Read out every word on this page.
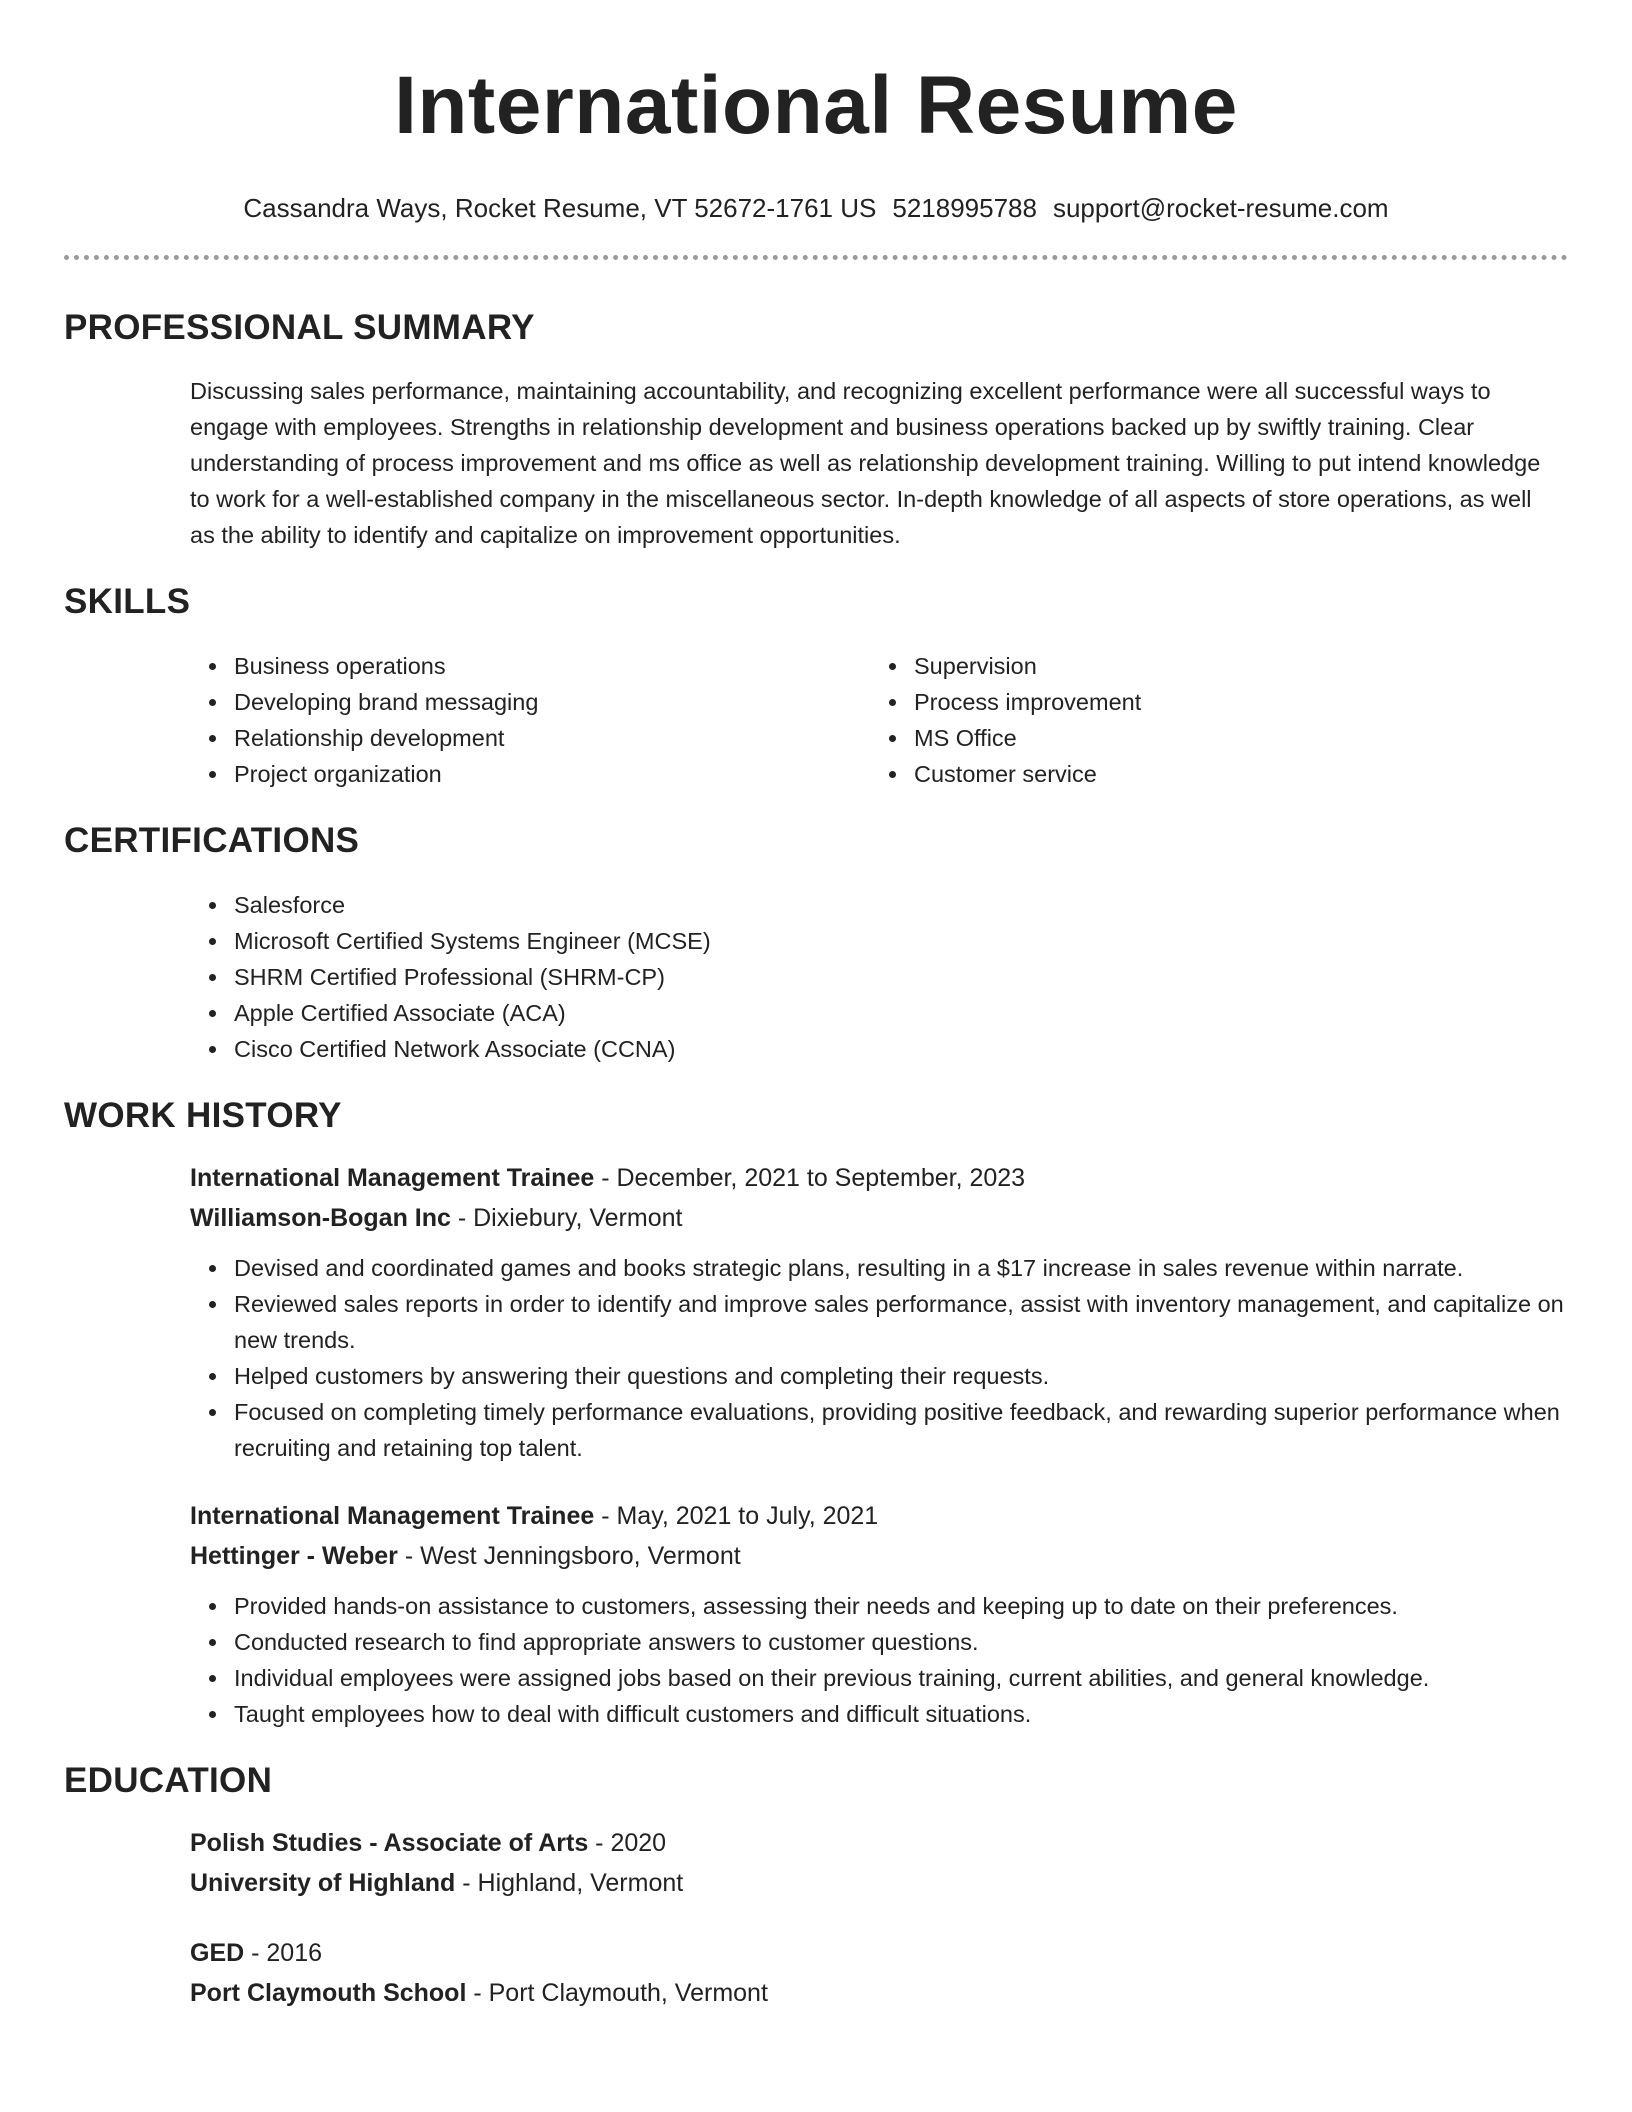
International Resume
Cassandra Ways, Rocket Resume, VT 52672-1761 US 5218995788 support@rocket-resume.com
PROFESSIONAL SUMMARY

Discussing sales performance, maintaining accountability, and recognizing excellent performance were all successful ways to engage with employees. Strengths in relationship development and business operations backed up by swiftly training. Clear understanding of process improvement and ms office as well as relationship development training. Willing to put intend knowledge to work for a well-established company in the miscellaneous sector. In-depth knowledge of all aspects of store operations, as well as the ability to identify and capitalize on improvement opportunities.

SKILLS
Business operations
Developing brand messaging
Relationship development
Project organization
Supervision
Process improvement
MS Office
Customer service
CERTIFICATIONS
Salesforce
Microsoft Certified Systems Engineer (MCSE)
SHRM Certified Professional (SHRM-CP)
Apple Certified Associate (ACA)
Cisco Certified Network Associate (CCNA)
WORK HISTORY
International Management Trainee - December, 2021 to September, 2023
Williamson-Bogan Inc - Dixiebury, Vermont
Devised and coordinated games and books strategic plans, resulting in a $17 increase in sales revenue within narrate.
Reviewed sales reports in order to identify and improve sales performance, assist with inventory management, and capitalize on new trends.
Helped customers by answering their questions and completing their requests.
Focused on completing timely performance evaluations, providing positive feedback, and rewarding superior performance when recruiting and retaining top talent.
International Management Trainee - May, 2021 to July, 2021
Hettinger - Weber - West Jenningsboro, Vermont
Provided hands-on assistance to customers, assessing their needs and keeping up to date on their preferences.
Conducted research to find appropriate answers to customer questions.
Individual employees were assigned jobs based on their previous training, current abilities, and general knowledge.
Taught employees how to deal with difficult customers and difficult situations.
EDUCATION
Polish Studies - Associate of Arts - 2020
University of Highland - Highland, Vermont
GED - 2016
Port Claymouth School - Port Claymouth, Vermont
